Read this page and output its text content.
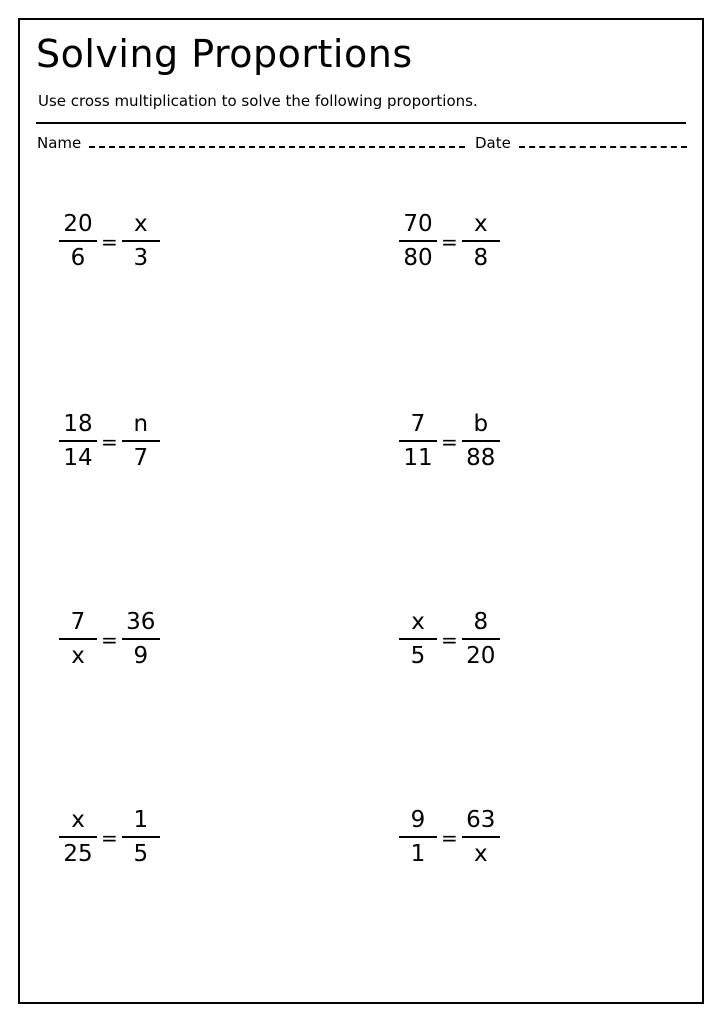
Solving Proportions
Use cross multiplication to solve the following proportions.
Name	Date
$\frac{20}{6} = \frac{x}{3}$	$\frac{70}{80} = \frac{x}{8}$
$\frac{18}{14} = \frac{n}{7}$	$\frac{7}{11} = \frac{b}{88}$
$\frac{7}{x} = \frac{36}{9}$	$\frac{x}{5} = \frac{8}{20}$
$\frac{x}{25} = \frac{1}{5}$	$\frac{9}{1} = \frac{63}{x}$
